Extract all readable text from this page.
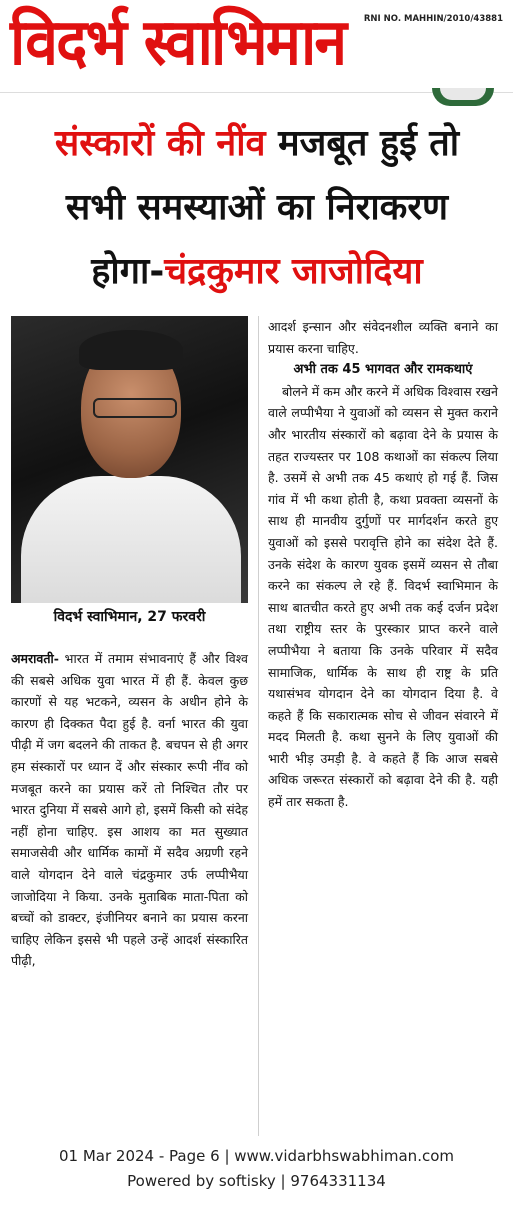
विदर्भ स्वाभिमान	RNI NO. MAHHIN/2010/43881
संस्कारों की नींव मजबूत हुई तो
सभी समस्याओं का निराकरण
होगा-चंद्रकुमार जाजोदिया
विदर्भ स्वाभिमान, 27 फरवरी

अमरावती- भारत में तमाम संभावनाएं हैं और विश्व की सबसे अधिक युवा भारत में ही हैं. केवल कुछ कारणों से यह भटकने, व्यसन के अधीन होने के कारण ही दिक्कत पैदा हुई है. वर्ना भारत की युवा पीढ़ी में जग बदलने की ताकत है. बचपन से ही अगर हम संस्कारों पर ध्यान दें और संस्कार रूपी नींव को मजबूत करने का प्रयास करें तो निश्चित तौर पर भारत दुनिया में सबसे आगे हो, इसमें किसी को संदेह नहीं होना चाहिए. इस आशय का मत सुख्यात समाजसेवी और धार्मिक कामों में सदैव अग्रणी रहने वाले योगदान देने वाले चंद्रकुमार उर्फ लप्पीभैया जाजोदिया ने किया. उनके मुताबिक माता-पिता को बच्चों को डाक्टर, इंजीनियर बनाने का प्रयास करना चाहिए लेकिन इससे भी पहले उन्हें आदर्श संस्कारित पीढ़ी,

आदर्श इन्सान और संवेदनशील व्यक्ति बनाने का प्रयास करना चाहिए.

अभी तक 45 भागवत और रामकथाएं

बोलने में कम और करने में अधिक विश्वास रखने वाले लप्पीभैया ने युवाओं को व्यसन से मुक्त कराने और भारतीय संस्कारों को बढ़ावा देने के प्रयास के तहत राज्यस्तर पर 108 कथाओं का संकल्प लिया है. उसमें से अभी तक 45 कथाएं हो गई हैं. जिस गांव में भी कथा होती है, कथा प्रवक्ता व्यसनों के साथ ही मानवीय दुर्गुणों पर मार्गदर्शन करते हुए युवाओं को इससे परावृत्ति होने का संदेश देते हैं. उनके संदेश के कारण युवक इसमें व्यसन से तौबा करने का संकल्प ले रहे हैं. विदर्भ स्वाभिमान के साथ बातचीत करते हुए अभी तक कई दर्जन प्रदेश तथा राष्ट्रीय स्तर के पुरस्कार प्राप्त करने वाले लप्पीभैया ने बताया कि उनके परिवार में सदैव सामाजिक, धार्मिक के साथ ही राष्ट्र के प्रति यथासंभव योगदान देने का योगदान दिया है. वे कहते हैं कि सकारात्मक सोच से जीवन संवारने में मदद मिलती है. कथा सुनने के लिए युवाओं की भारी भीड़ उमड़ी है. वे कहते हैं कि आज सबसे अधिक जरूरत संस्कारों को बढ़ावा देने की है. यही हमें तार सकता है.

01 Mar 2024 - Page 6 | www.vidarbhswabhiman.com
Powered by softisky | 9764331134
